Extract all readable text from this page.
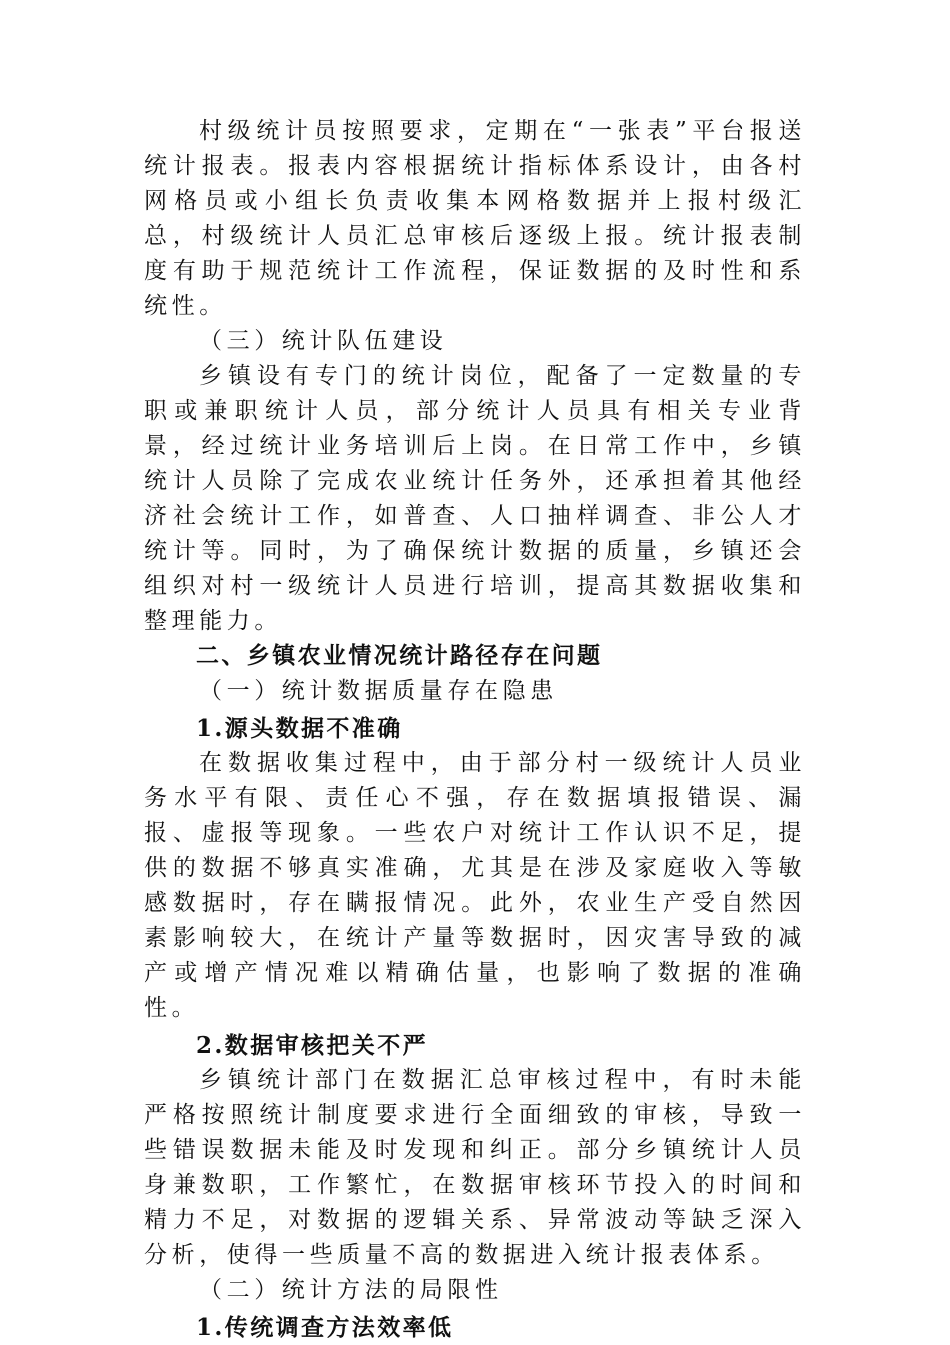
村级统计员按照要求，定期在“一张表”平台报送统计报表。报表内容根据统计指标体系设计，由各村网格员或小组长负责收集本网格数据并上报村级汇总，村级统计人员汇总审核后逐级上报。统计报表制度有助于规范统计工作流程，保证数据的及时性和系统性。

（三）统计队伍建设

乡镇设有专门的统计岗位，配备了一定数量的专职或兼职统计人员，部分统计人员具有相关专业背景，经过统计业务培训后上岗。在日常工作中，乡镇统计人员除了完成农业统计任务外，还承担着其他经济社会统计工作，如普查、人口抽样调查、非公人才统计等。同时，为了确保统计数据的质量，乡镇还会组织对村一级统计人员进行培训，提高其数据收集和整理能力。

二、乡镇农业情况统计路径存在问题

（一）统计数据质量存在隐患

1.源头数据不准确

在数据收集过程中，由于部分村一级统计人员业务水平有限、责任心不强，存在数据填报错误、漏报、虚报等现象。一些农户对统计工作认识不足，提供的数据不够真实准确，尤其是在涉及家庭收入等敏感数据时，存在瞒报情况。此外，农业生产受自然因素影响较大，在统计产量等数据时，因灾害导致的减产或增产情况难以精确估量，也影响了数据的准确性。

2.数据审核把关不严

乡镇统计部门在数据汇总审核过程中，有时未能严格按照统计制度要求进行全面细致的审核，导致一些错误数据未能及时发现和纠正。部分乡镇统计人员身兼数职，工作繁忙，在数据审核环节投入的时间和精力不足，对数据的逻辑关系、异常波动等缺乏深入分析，使得一些质量不高的数据进入统计报表体系。

（二）统计方法的局限性

1.传统调查方法效率低
